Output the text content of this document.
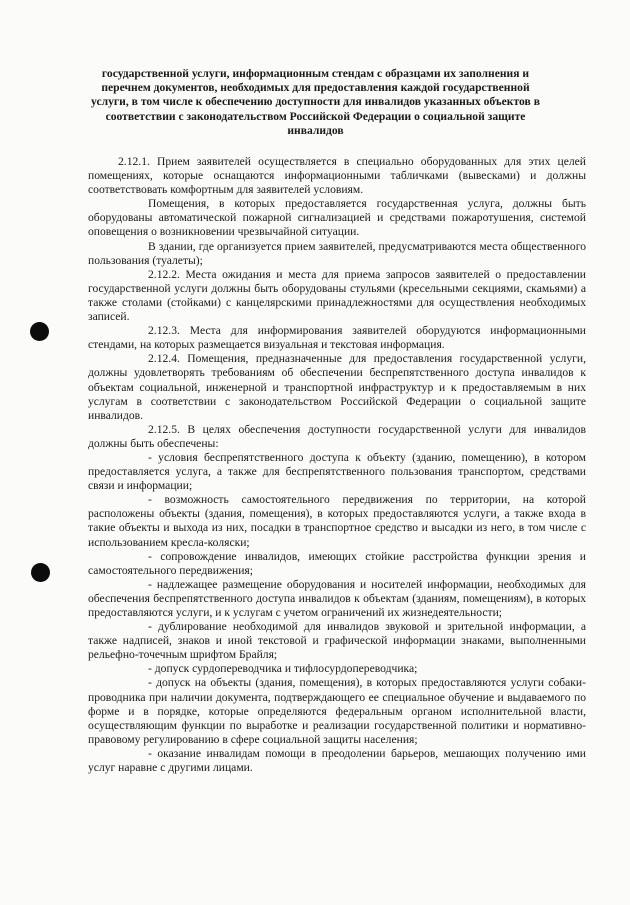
государственной услуги, информационным стендам с образцами их заполнения и перечнем документов, необходимых для предоставления каждой государственной услуги, в том числе к обеспечению доступности для инвалидов указанных объектов в соответствии с законодательством Российской Федерации о социальной защите инвалидов

2.12.1. Прием заявителей осуществляется в специально оборудованных для этих целей помещениях, которые оснащаются информационными табличками (вывесками) и должны соответствовать комфортным для заявителей условиям.

Помещения, в которых предоставляется государственная услуга, должны быть оборудованы автоматической пожарной сигнализацией и средствами пожаротушения, системой оповещения о возникновении чрезвычайной ситуации.

В здании, где организуется прием заявителей, предусматриваются места общественного пользования (туалеты);

2.12.2. Места ожидания и места для приема запросов заявителей о предоставлении государственной услуги должны быть оборудованы стульями (кресельными секциями, скамьями) а также столами (стойками) с канцелярскими принадлежностями для осуществления необходимых записей.

2.12.3. Места для информирования заявителей оборудуются информационными стендами, на которых размещается визуальная и текстовая информация.

2.12.4. Помещения, предназначенные для предоставления государственной услуги, должны удовлетворять требованиям об обеспечении беспрепятственного доступа инвалидов к объектам социальной, инженерной и транспортной инфраструктур и к предоставляемым в них услугам в соответствии с законодательством Российской Федерации о социальной защите инвалидов.

2.12.5. В целях обеспечения доступности государственной услуги для инвалидов должны быть обеспечены:

- условия беспрепятственного доступа к объекту (зданию, помещению), в котором предоставляется услуга, а также для беспрепятственного пользования транспортом, средствами связи и информации;

- возможность самостоятельного передвижения по территории, на которой расположены объекты (здания, помещения), в которых предоставляются услуги, а также входа в такие объекты и выхода из них, посадки в транспортное средство и высадки из него, в том числе с использованием кресла-коляски;

- сопровождение инвалидов, имеющих стойкие расстройства функции зрения и самостоятельного передвижения;

- надлежащее размещение оборудования и носителей информации, необходимых для обеспечения беспрепятственного доступа инвалидов к объектам (зданиям, помещениям), в которых предоставляются услуги, и к услугам с учетом ограничений их жизнедеятельности;

- дублирование необходимой для инвалидов звуковой и зрительной информации, а также надписей, знаков и иной текстовой и графической информации знаками, выполненными рельефно-точечным шрифтом Брайля;

- допуск сурдопереводчика и тифлосурдопереводчика;

- допуск на объекты (здания, помещения), в которых предоставляются услуги собаки-проводника при наличии документа, подтверждающего ее специальное обучение и выдаваемого по форме и в порядке, которые определяются федеральным органом исполнительной власти, осуществляющим функции по выработке и реализации государственной политики и нормативно-правовому регулированию в сфере социальной защиты населения;

- оказание инвалидам помощи в преодолении барьеров, мешающих получению ими услуг наравне с другими лицами.
